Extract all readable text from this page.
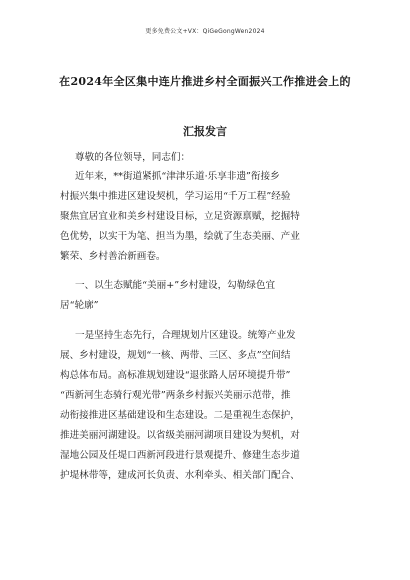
更多免费公文+VX：QiGeGongWen2024
在2024年全区集中连片推进乡村全面振兴工作推进会上的
汇报发言
尊敬的各位领导，同志们：
近年来，**街道紧抓“津津乐道·乐享非遗”衔接乡
村振兴集中推进区建设契机，学习运用“千万工程”经验
聚焦宜居宜业和美乡村建设目标，立足资源禀赋，挖掘特
色优势，以实干为笔、担当为墨，绘就了生态美丽、产业
繁荣、乡村善治新画卷。
一、以生态赋能“美丽+”乡村建设，勾勒绿色宜
居“轮廓”
一是坚持生态先行，合理规划片区建设。统筹产业发
展、乡村建设，规划“一核、两带、三区、多点”空间结
构总体布局。高标准规划建设“退张路人居环境提升带”
“西新河生态骑行观光带”两条乡村振兴美丽示范带，推
动衔接推进区基础建设和生态建设。二是重视生态保护，
推进美丽河湖建设。以省级美丽河湖项目建设为契机，对
湿地公园及任堤口西新河段进行景观提升、修建生态步道
护堤林带等，建成河长负责、水利牵头、相关部门配合、
